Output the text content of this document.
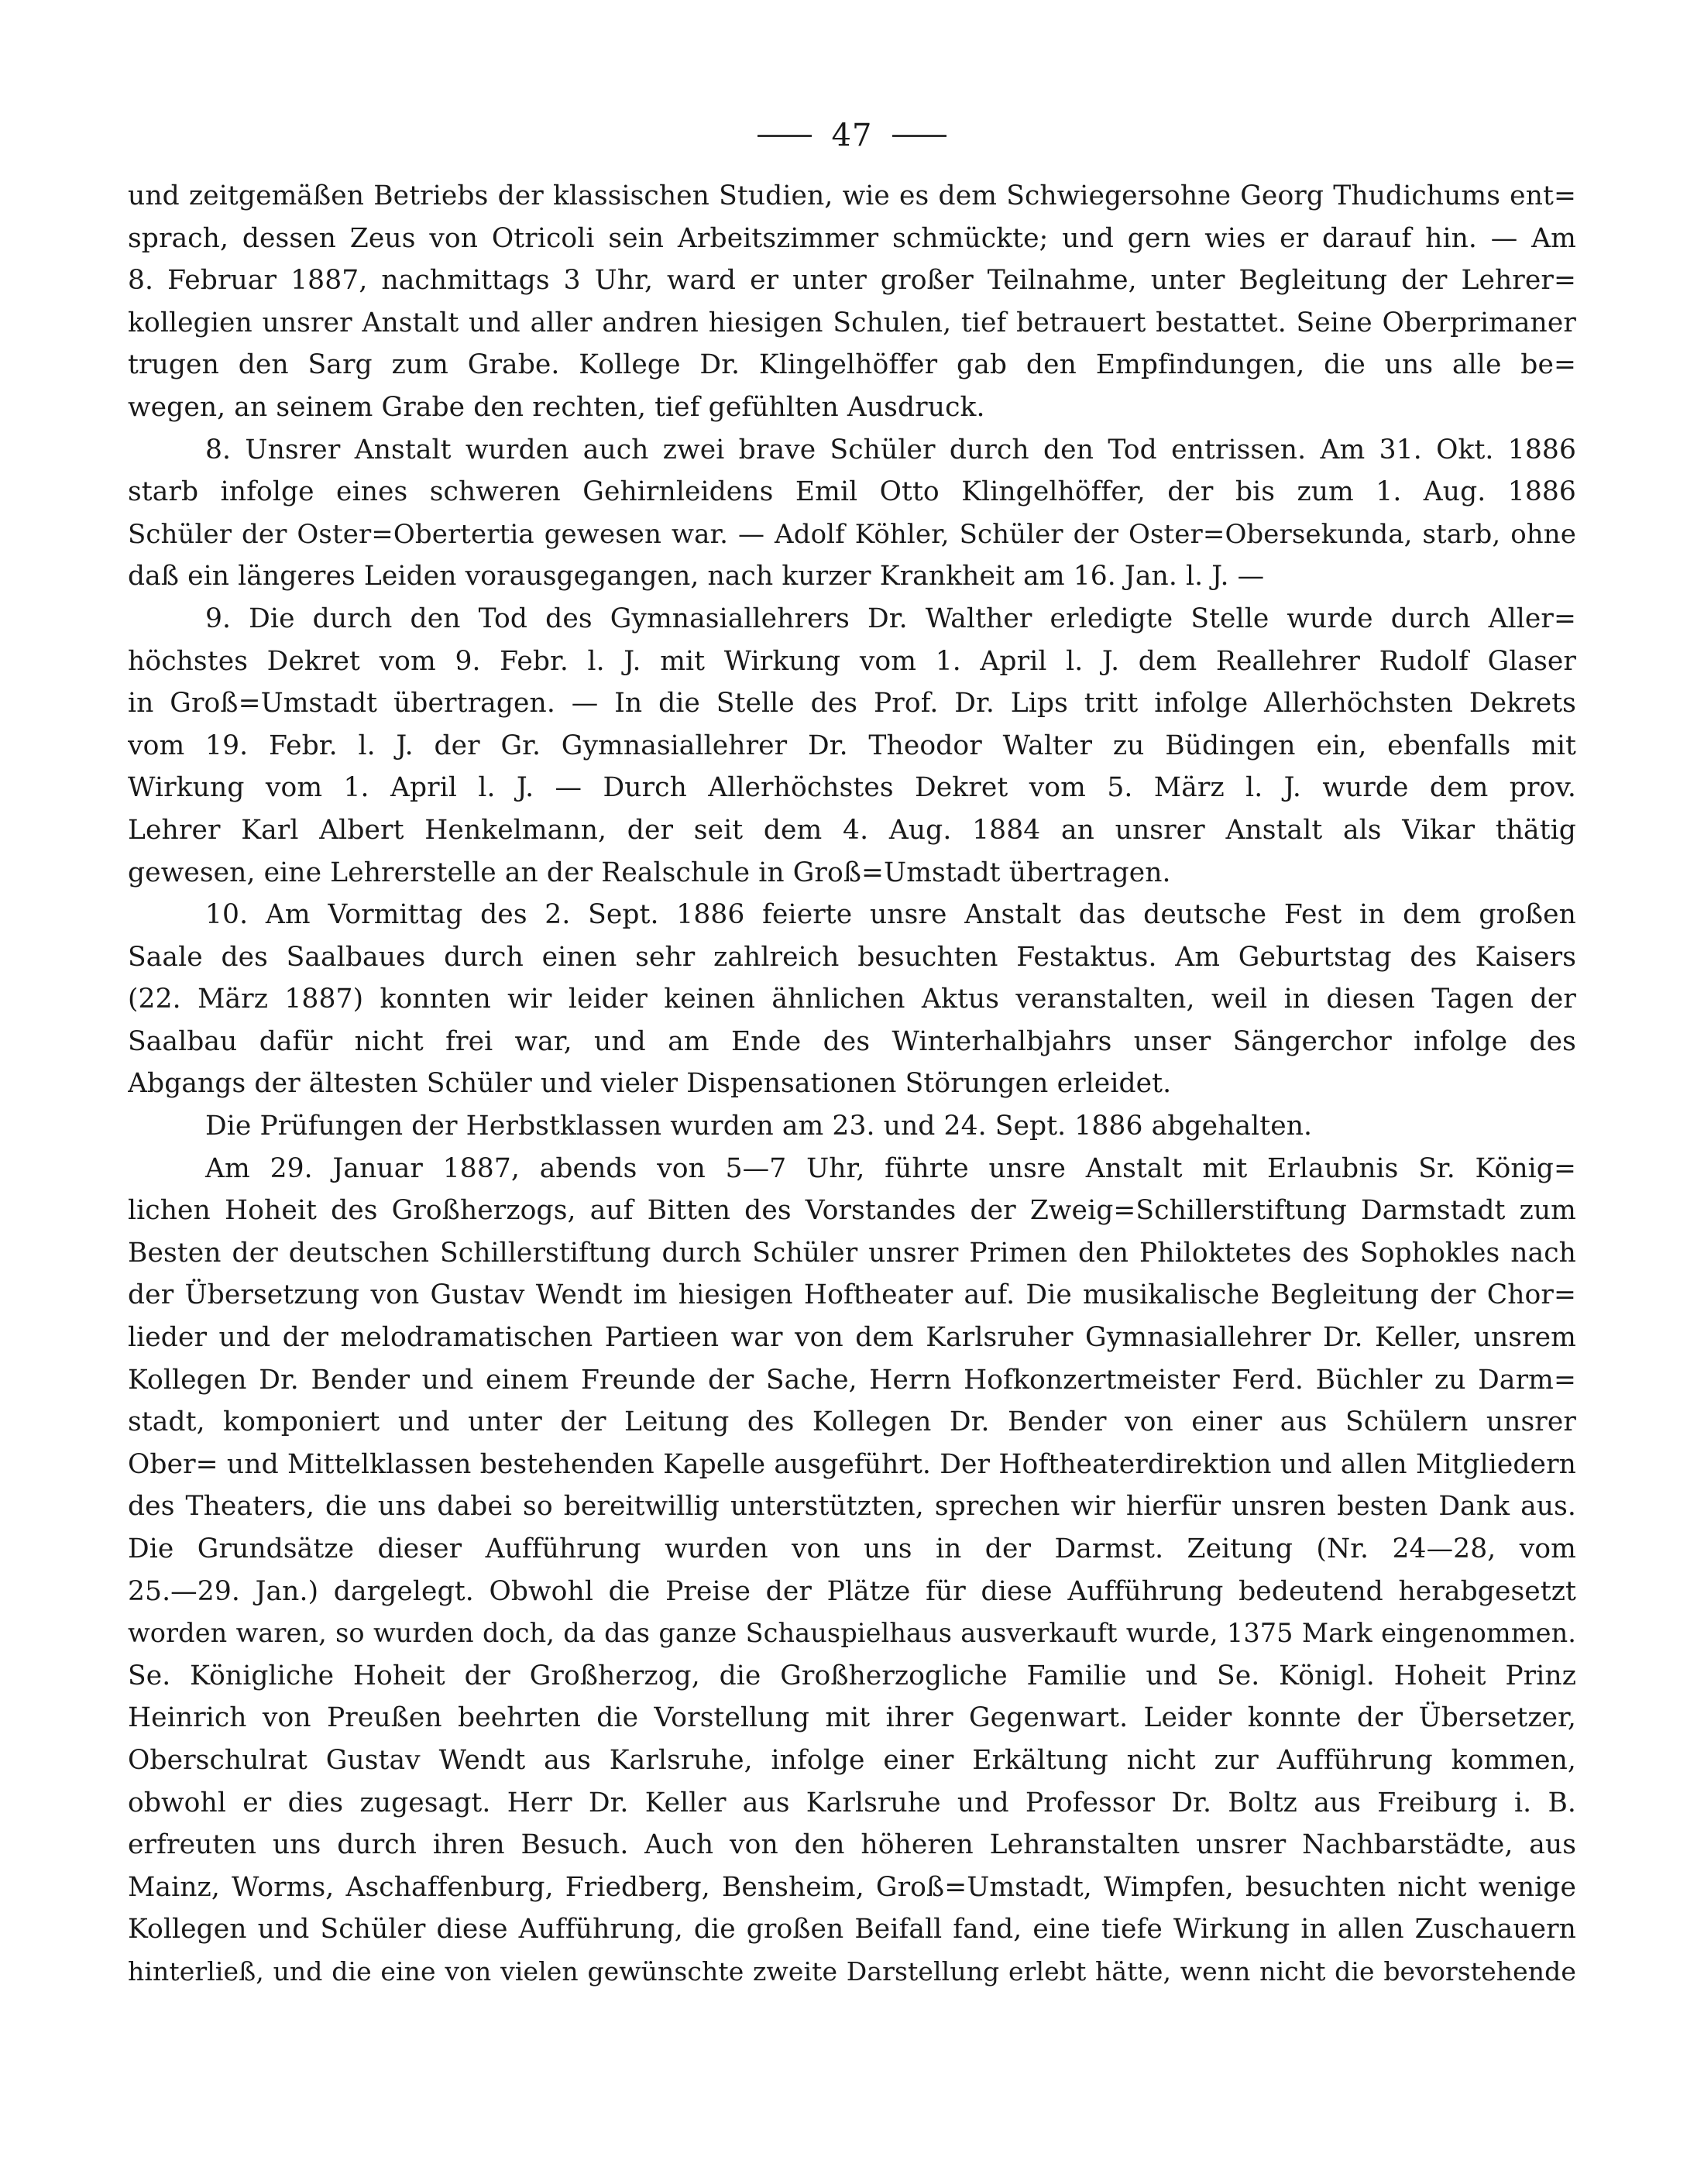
47
und zeitgemäßen Betriebs der klassischen Studien, wie es dem Schwiegersohne Georg Thudichums ent=
sprach, dessen Zeus von Otricoli sein Arbeitszimmer schmückte; und gern wies er darauf hin. — Am
8. Februar 1887, nachmittags 3 Uhr, ward er unter großer Teilnahme, unter Begleitung der Lehrer=
kollegien unsrer Anstalt und aller andren hiesigen Schulen, tief betrauert bestattet. Seine Oberprimaner
trugen den Sarg zum Grabe. Kollege Dr. Klingelhöffer gab den Empfindungen, die uns alle be=
wegen, an seinem Grabe den rechten, tief gefühlten Ausdruck.
8. Unsrer Anstalt wurden auch zwei brave Schüler durch den Tod entrissen. Am 31. Okt. 1886
starb infolge eines schweren Gehirnleidens Emil Otto Klingelhöffer, der bis zum 1. Aug. 1886
Schüler der Oster=Obertertia gewesen war. — Adolf Köhler, Schüler der Oster=Obersekunda, starb, ohne
daß ein längeres Leiden vorausgegangen, nach kurzer Krankheit am 16. Jan. l. J. —
9. Die durch den Tod des Gymnasiallehrers Dr. Walther erledigte Stelle wurde durch Aller=
höchstes Dekret vom 9. Febr. l. J. mit Wirkung vom 1. April l. J. dem Reallehrer Rudolf Glaser
in Groß=Umstadt übertragen. — In die Stelle des Prof. Dr. Lips tritt infolge Allerhöchsten Dekrets
vom 19. Febr. l. J. der Gr. Gymnasiallehrer Dr. Theodor Walter zu Büdingen ein, ebenfalls mit
Wirkung vom 1. April l. J. — Durch Allerhöchstes Dekret vom 5. März l. J. wurde dem prov.
Lehrer Karl Albert Henkelmann, der seit dem 4. Aug. 1884 an unsrer Anstalt als Vikar thätig
gewesen, eine Lehrerstelle an der Realschule in Groß=Umstadt übertragen.
10. Am Vormittag des 2. Sept. 1886 feierte unsre Anstalt das deutsche Fest in dem großen
Saale des Saalbaues durch einen sehr zahlreich besuchten Festaktus. Am Geburtstag des Kaisers
(22. März 1887) konnten wir leider keinen ähnlichen Aktus veranstalten, weil in diesen Tagen der
Saalbau dafür nicht frei war, und am Ende des Winterhalbjahrs unser Sängerchor infolge des
Abgangs der ältesten Schüler und vieler Dispensationen Störungen erleidet.
Die Prüfungen der Herbstklassen wurden am 23. und 24. Sept. 1886 abgehalten.
Am 29. Januar 1887, abends von 5—7 Uhr, führte unsre Anstalt mit Erlaubnis Sr. König=
lichen Hoheit des Großherzogs, auf Bitten des Vorstandes der Zweig=Schillerstiftung Darmstadt zum
Besten der deutschen Schillerstiftung durch Schüler unsrer Primen den Philoktetes des Sophokles nach
der Übersetzung von Gustav Wendt im hiesigen Hoftheater auf. Die musikalische Begleitung der Chor=
lieder und der melodramatischen Partieen war von dem Karlsruher Gymnasiallehrer Dr. Keller, unsrem
Kollegen Dr. Bender und einem Freunde der Sache, Herrn Hofkonzertmeister Ferd. Büchler zu Darm=
stadt, komponiert und unter der Leitung des Kollegen Dr. Bender von einer aus Schülern unsrer
Ober= und Mittelklassen bestehenden Kapelle ausgeführt. Der Hoftheaterdirektion und allen Mitgliedern
des Theaters, die uns dabei so bereitwillig unterstützten, sprechen wir hierfür unsren besten Dank aus.
Die Grundsätze dieser Aufführung wurden von uns in der Darmst. Zeitung (Nr. 24—28, vom
25.—29. Jan.) dargelegt. Obwohl die Preise der Plätze für diese Aufführung bedeutend herabgesetzt
worden waren, so wurden doch, da das ganze Schauspielhaus ausverkauft wurde, 1375 Mark eingenommen.
Se. Königliche Hoheit der Großherzog, die Großherzogliche Familie und Se. Königl. Hoheit Prinz
Heinrich von Preußen beehrten die Vorstellung mit ihrer Gegenwart. Leider konnte der Übersetzer,
Oberschulrat Gustav Wendt aus Karlsruhe, infolge einer Erkältung nicht zur Aufführung kommen,
obwohl er dies zugesagt. Herr Dr. Keller aus Karlsruhe und Professor Dr. Boltz aus Freiburg i. B.
erfreuten uns durch ihren Besuch. Auch von den höheren Lehranstalten unsrer Nachbarstädte, aus
Mainz, Worms, Aschaffenburg, Friedberg, Bensheim, Groß=Umstadt, Wimpfen, besuchten nicht wenige
Kollegen und Schüler diese Aufführung, die großen Beifall fand, eine tiefe Wirkung in allen Zuschauern
hinterließ, und die eine von vielen gewünschte zweite Darstellung erlebt hätte, wenn nicht die bevorstehende
